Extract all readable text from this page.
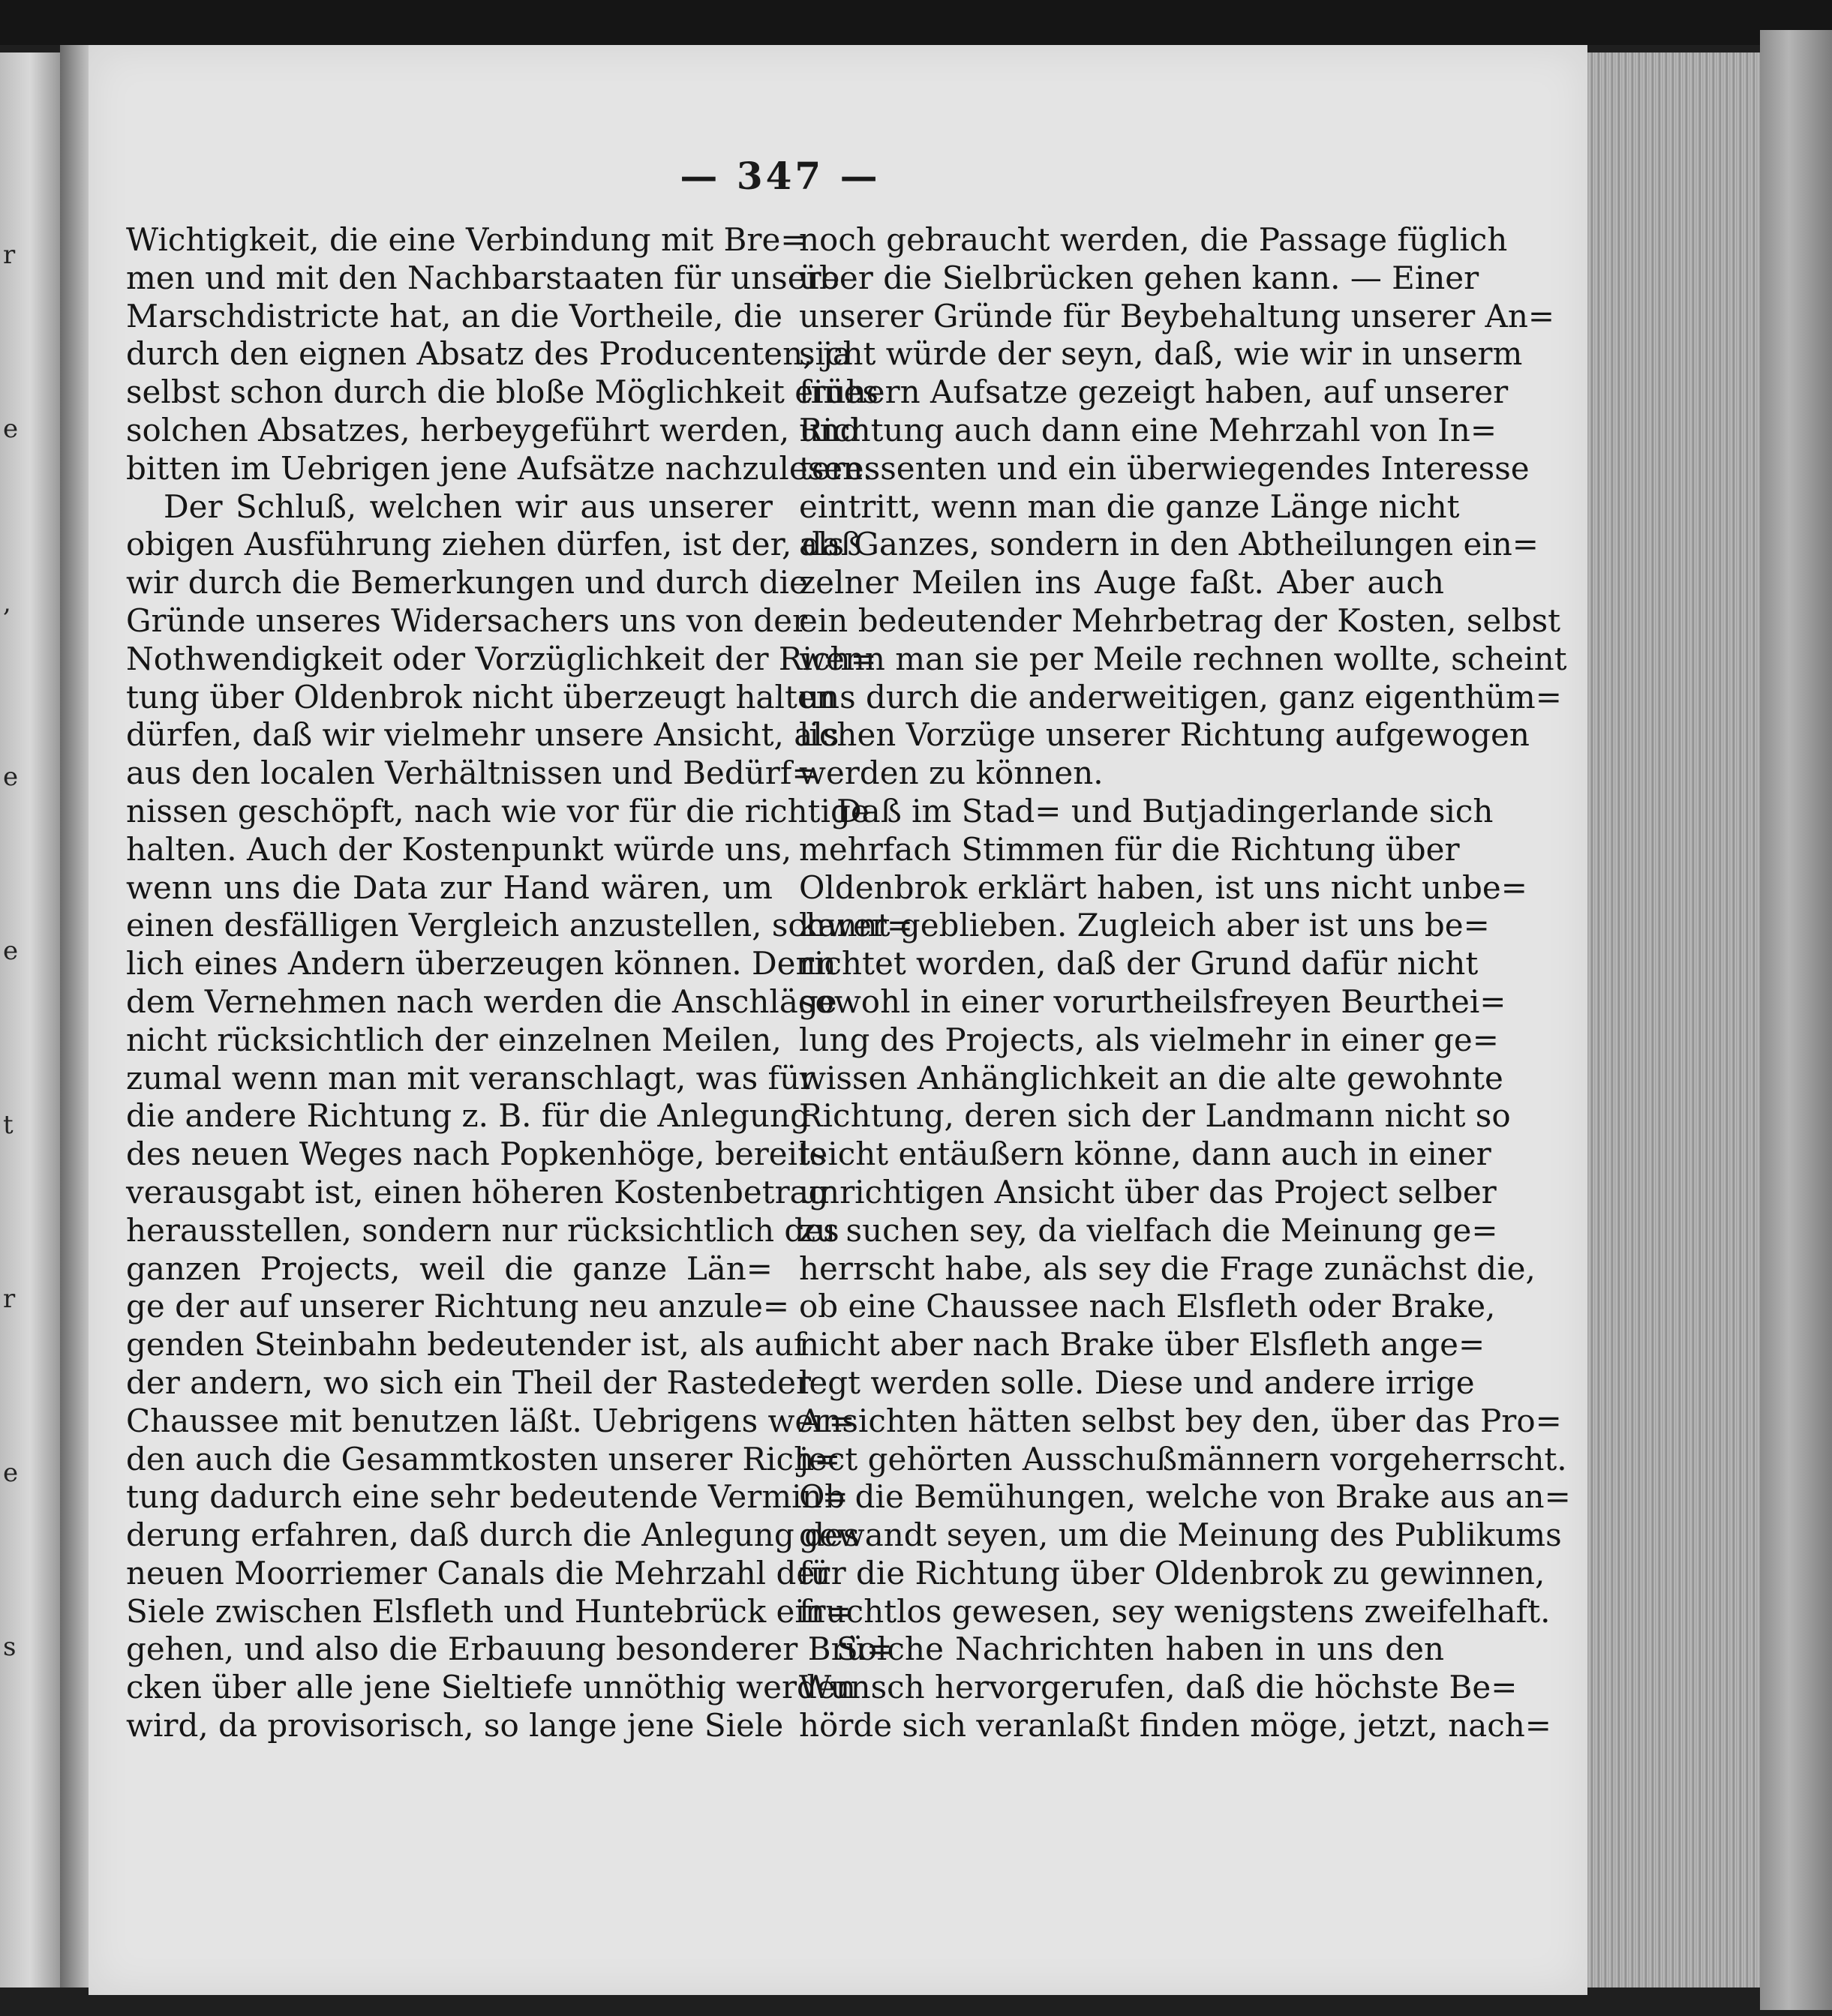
r
e
,
e
e
t
r
e
s
— 347 —
Wichtigkeit, die eine Verbindung mit Bre=
men und mit den Nachbarstaaten für unsere
Marschdistricte hat, an die Vortheile, die
durch den eignen Absatz des Producenten, ja
selbst schon durch die bloße Möglichkeit eines
solchen Absatzes, herbeygeführt werden, und
bitten im Uebrigen jene Aufsätze nachzulesen.
Der Schluß, welchen wir aus unserer
obigen Ausführung ziehen dürfen, ist der, daß
wir durch die Bemerkungen und durch die
Gründe unseres Widersachers uns von der
Nothwendigkeit oder Vorzüglichkeit der Rich=
tung über Oldenbrok nicht überzeugt halten
dürfen, daß wir vielmehr unsere Ansicht, als
aus den localen Verhältnissen und Bedürf=
nissen geschöpft, nach wie vor für die richtige
halten. Auch der Kostenpunkt würde uns,
wenn uns die Data zur Hand wären, um
einen desfälligen Vergleich anzustellen, schwer=
lich eines Andern überzeugen können. Denn
dem Vernehmen nach werden die Anschläge
nicht rücksichtlich der einzelnen Meilen,
zumal wenn man mit veranschlagt, was für
die andere Richtung z. B. für die Anlegung
des neuen Weges nach Popkenhöge, bereits
verausgabt ist, einen höheren Kostenbetrag
herausstellen, sondern nur rücksichtlich des
ganzen Projects, weil die ganze Län=
ge der auf unserer Richtung neu anzule=
genden Steinbahn bedeutender ist, als auf
der andern, wo sich ein Theil der Rasteder
Chaussee mit benutzen läßt. Uebrigens wer=
den auch die Gesammtkosten unserer Rich=
tung dadurch eine sehr bedeutende Vermin=
derung erfahren, daß durch die Anlegung des
neuen Moorriemer Canals die Mehrzahl der
Siele zwischen Elsfleth und Huntebrück ein=
gehen, und also die Erbauung besonderer Brü=
cken über alle jene Sieltiefe unnöthig werden
wird, da provisorisch, so lange jene Siele
noch gebraucht werden, die Passage füglich
über die Sielbrücken gehen kann. — Einer
unserer Gründe für Beybehaltung unserer An=
sicht würde der seyn, daß, wie wir in unserm
frühern Aufsatze gezeigt haben, auf unserer
Richtung auch dann eine Mehrzahl von In=
teressenten und ein überwiegendes Interesse
eintritt, wenn man die ganze Länge nicht
als Ganzes, sondern in den Abtheilungen ein=
zelner Meilen ins Auge faßt. Aber auch
ein bedeutender Mehrbetrag der Kosten, selbst
wenn man sie per Meile rechnen wollte, scheint
uns durch die anderweitigen, ganz eigenthüm=
lichen Vorzüge unserer Richtung aufgewogen
werden zu können.
Daß im Stad= und Butjadingerlande sich
mehrfach Stimmen für die Richtung über
Oldenbrok erklärt haben, ist uns nicht unbe=
kannt geblieben. Zugleich aber ist uns be=
richtet worden, daß der Grund dafür nicht
sowohl in einer vorurtheilsfreyen Beurthei=
lung des Projects, als vielmehr in einer ge=
wissen Anhänglichkeit an die alte gewohnte
Richtung, deren sich der Landmann nicht so
leicht entäußern könne, dann auch in einer
unrichtigen Ansicht über das Project selber
zu suchen sey, da vielfach die Meinung ge=
herrscht habe, als sey die Frage zunächst die,
ob eine Chaussee nach Elsfleth oder Brake,
nicht aber nach Brake über Elsfleth ange=
legt werden solle. Diese und andere irrige
Ansichten hätten selbst bey den, über das Pro=
ject gehörten Ausschußmännern vorgeherrscht.
Ob die Bemühungen, welche von Brake aus an=
gewandt seyen, um die Meinung des Publikums
für die Richtung über Oldenbrok zu gewinnen,
fruchtlos gewesen, sey wenigstens zweifelhaft.
Solche Nachrichten haben in uns den
Wunsch hervorgerufen, daß die höchste Be=
hörde sich veranlaßt finden möge, jetzt, nach=
